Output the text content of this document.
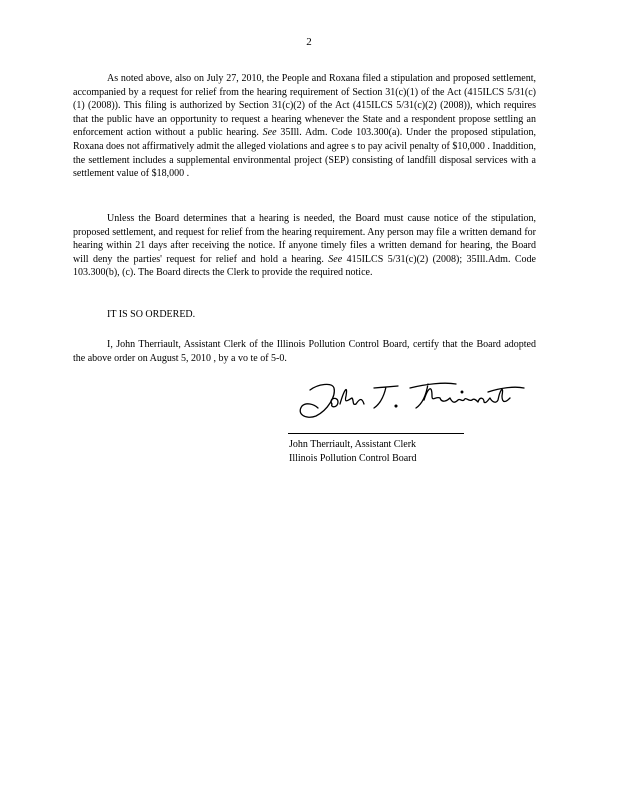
2

As noted above, also on July 27, 2010, the People and Roxana filed a stipulation and proposed settlement, accompanied by a request for relief from the hearing requirement of Section 31(c)(1) of the Act (415ILCS 5/31(c)(1) (2008)). This filing is authorized by Section 31(c)(2) of the Act (415ILCS 5/31(c)(2) (2008)), which requires that the public have an opportunity to request a hearing whenever the State and a respondent propose settling an enforcement action without a public hearing. See 35Ill. Adm. Code 103.300(a). Under the proposed stipulation, Roxana does not affirmatively admit the alleged violations and agree s to pay acivil penalty of $10,000 . Inaddition, the settlement includes a supplemental environmental project (SEP) consisting of landfill disposal services with a settlement value of $18,000 .

Unless the Board determines that a hearing is needed, the Board must cause notice of the stipulation, proposed settlement, and request for relief from the hearing requirement. Any person may file a written demand for hearing within 21 days after receiving the notice. If anyone timely files a written demand for hearing, the Board will deny the parties' request for relief and hold a hearing. See 415ILCS 5/31(c)(2) (2008); 35Ill.Adm. Code 103.300(b), (c). The Board directs the Clerk to provide the required notice.

IT IS SO ORDERED.

I, John Therriault, Assistant Clerk of the Illinois Pollution Control Board, certify that the Board adopted the above order on August 5, 2010 , by a vo te of 5-0.

John Therriault, Assistant Clerk
Illinois Pollution Control Board
